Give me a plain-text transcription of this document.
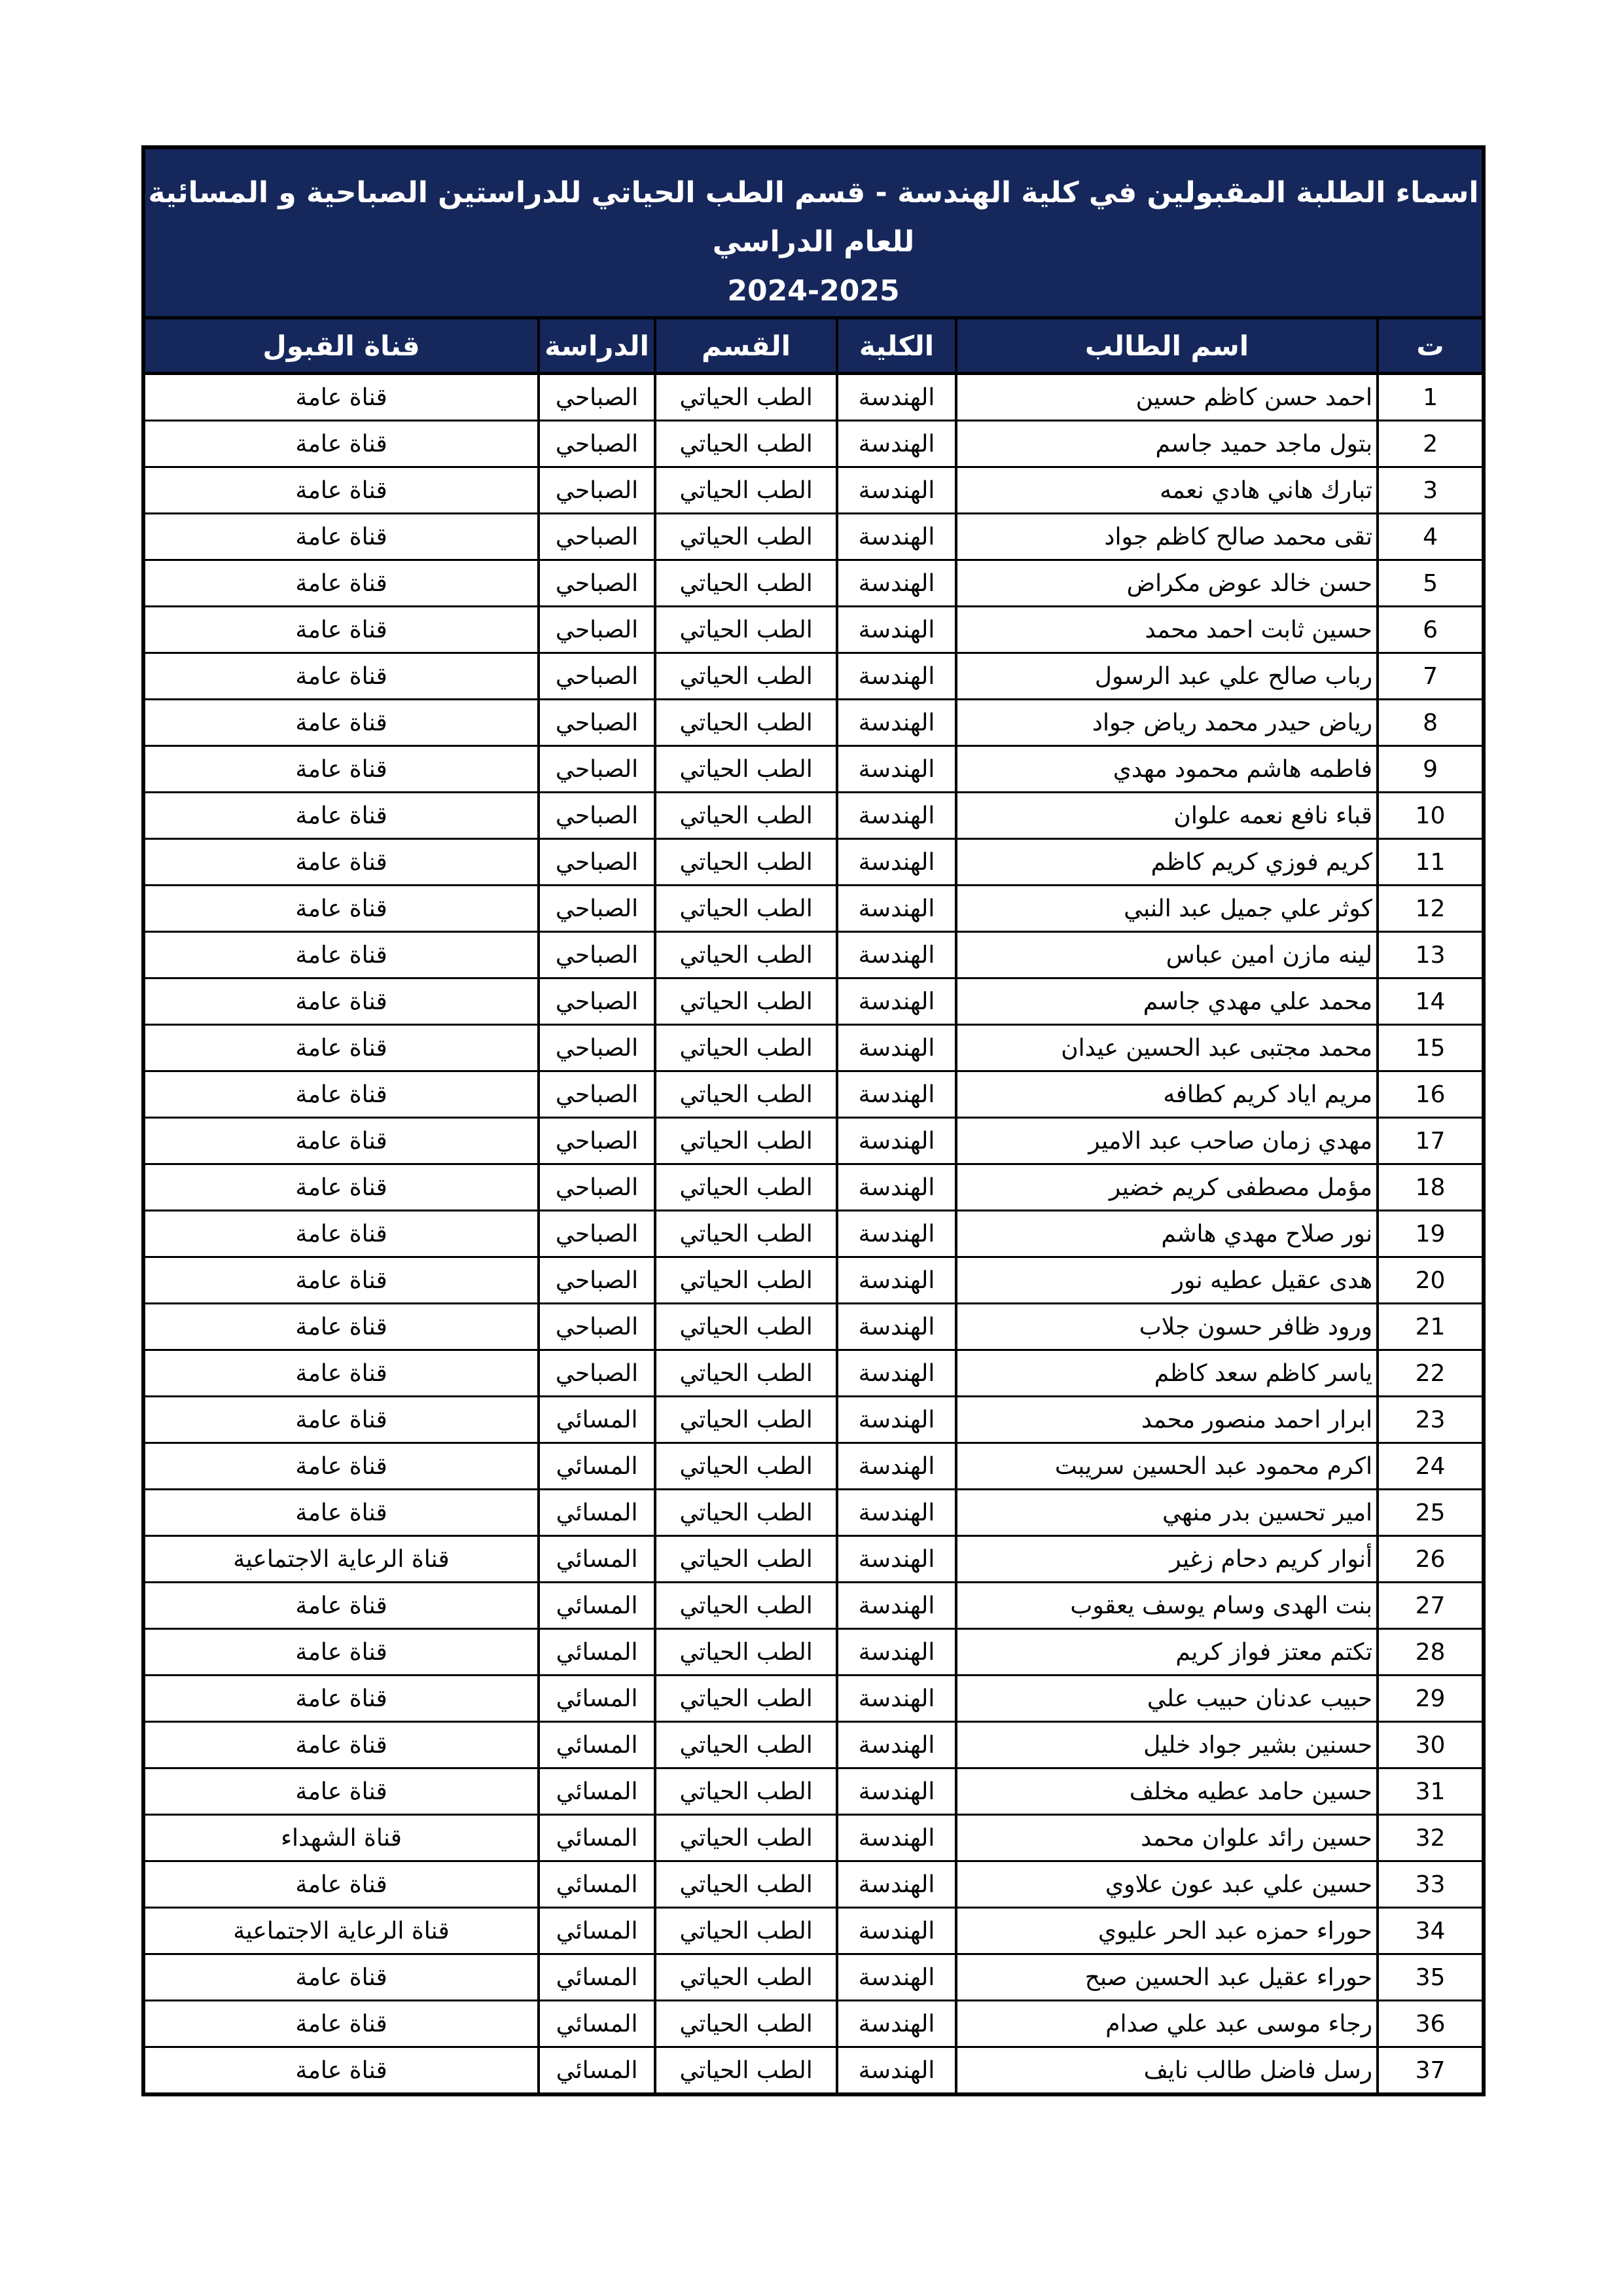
اسماء الطلبة المقبولين في كلية الهندسة - قسم الطب الحياتي للدراستين الصباحية و المسائية للعام الدراسي
2024-2025					

ت	اسم الطالب	الكلية	القسم	الدراسة	قناة القبول
1	احمد حسن كاظم حسين	الهندسة	الطب الحياتي	الصباحي	قناة عامة
2	بتول ماجد حميد جاسم	الهندسة	الطب الحياتي	الصباحي	قناة عامة
3	تبارك هاني هادي نعمه	الهندسة	الطب الحياتي	الصباحي	قناة عامة
4	تقى محمد صالح كاظم جواد	الهندسة	الطب الحياتي	الصباحي	قناة عامة
5	حسن خالد عوض مكراض	الهندسة	الطب الحياتي	الصباحي	قناة عامة
6	حسين ثابت احمد محمد	الهندسة	الطب الحياتي	الصباحي	قناة عامة
7	رباب صالح علي عبد الرسول	الهندسة	الطب الحياتي	الصباحي	قناة عامة
8	رياض حيدر محمد رياض جواد	الهندسة	الطب الحياتي	الصباحي	قناة عامة
9	فاطمه هاشم محمود مهدي	الهندسة	الطب الحياتي	الصباحي	قناة عامة
10	قباء نافع نعمه علوان	الهندسة	الطب الحياتي	الصباحي	قناة عامة
11	كريم فوزي كريم كاظم	الهندسة	الطب الحياتي	الصباحي	قناة عامة
12	كوثر علي جميل عبد النبي	الهندسة	الطب الحياتي	الصباحي	قناة عامة
13	لينه مازن امين عباس	الهندسة	الطب الحياتي	الصباحي	قناة عامة
14	محمد علي مهدي جاسم	الهندسة	الطب الحياتي	الصباحي	قناة عامة
15	محمد مجتبى عبد الحسين عيدان	الهندسة	الطب الحياتي	الصباحي	قناة عامة
16	مريم اياد كريم كطافه	الهندسة	الطب الحياتي	الصباحي	قناة عامة
17	مهدي زمان صاحب عبد الامير	الهندسة	الطب الحياتي	الصباحي	قناة عامة
18	مؤمل مصطفى كريم خضير	الهندسة	الطب الحياتي	الصباحي	قناة عامة
19	نور صلاح مهدي هاشم	الهندسة	الطب الحياتي	الصباحي	قناة عامة
20	هدى عقيل عطيه نور	الهندسة	الطب الحياتي	الصباحي	قناة عامة
21	ورود ظافر حسون جلاب	الهندسة	الطب الحياتي	الصباحي	قناة عامة
22	ياسر كاظم سعد كاظم	الهندسة	الطب الحياتي	الصباحي	قناة عامة
23	ابرار احمد منصور محمد	الهندسة	الطب الحياتي	المسائي	قناة عامة
24	اكرم محمود عبد الحسين سريبت	الهندسة	الطب الحياتي	المسائي	قناة عامة
25	امير تحسين بدر منهي	الهندسة	الطب الحياتي	المسائي	قناة عامة
26	أنوار كريم دحام زغير	الهندسة	الطب الحياتي	المسائي	قناة الرعاية الاجتماعية
27	بنت الهدى وسام يوسف يعقوب	الهندسة	الطب الحياتي	المسائي	قناة عامة
28	تكتم معتز فواز كريم	الهندسة	الطب الحياتي	المسائي	قناة عامة
29	حبيب عدنان حبيب علي	الهندسة	الطب الحياتي	المسائي	قناة عامة
30	حسنين بشير جواد خليل	الهندسة	الطب الحياتي	المسائي	قناة عامة
31	حسين حامد عطيه مخلف	الهندسة	الطب الحياتي	المسائي	قناة عامة
32	حسين رائد علوان محمد	الهندسة	الطب الحياتي	المسائي	قناة الشهداء
33	حسين علي عبد عون علاوي	الهندسة	الطب الحياتي	المسائي	قناة عامة
34	حوراء حمزه عبد الحر عليوي	الهندسة	الطب الحياتي	المسائي	قناة الرعاية الاجتماعية
35	حوراء عقيل عبد الحسين صبح	الهندسة	الطب الحياتي	المسائي	قناة عامة
36	رجاء موسى عبد علي صدام	الهندسة	الطب الحياتي	المسائي	قناة عامة
37	رسل فاضل طالب نايف	الهندسة	الطب الحياتي	المسائي	قناة عامة
